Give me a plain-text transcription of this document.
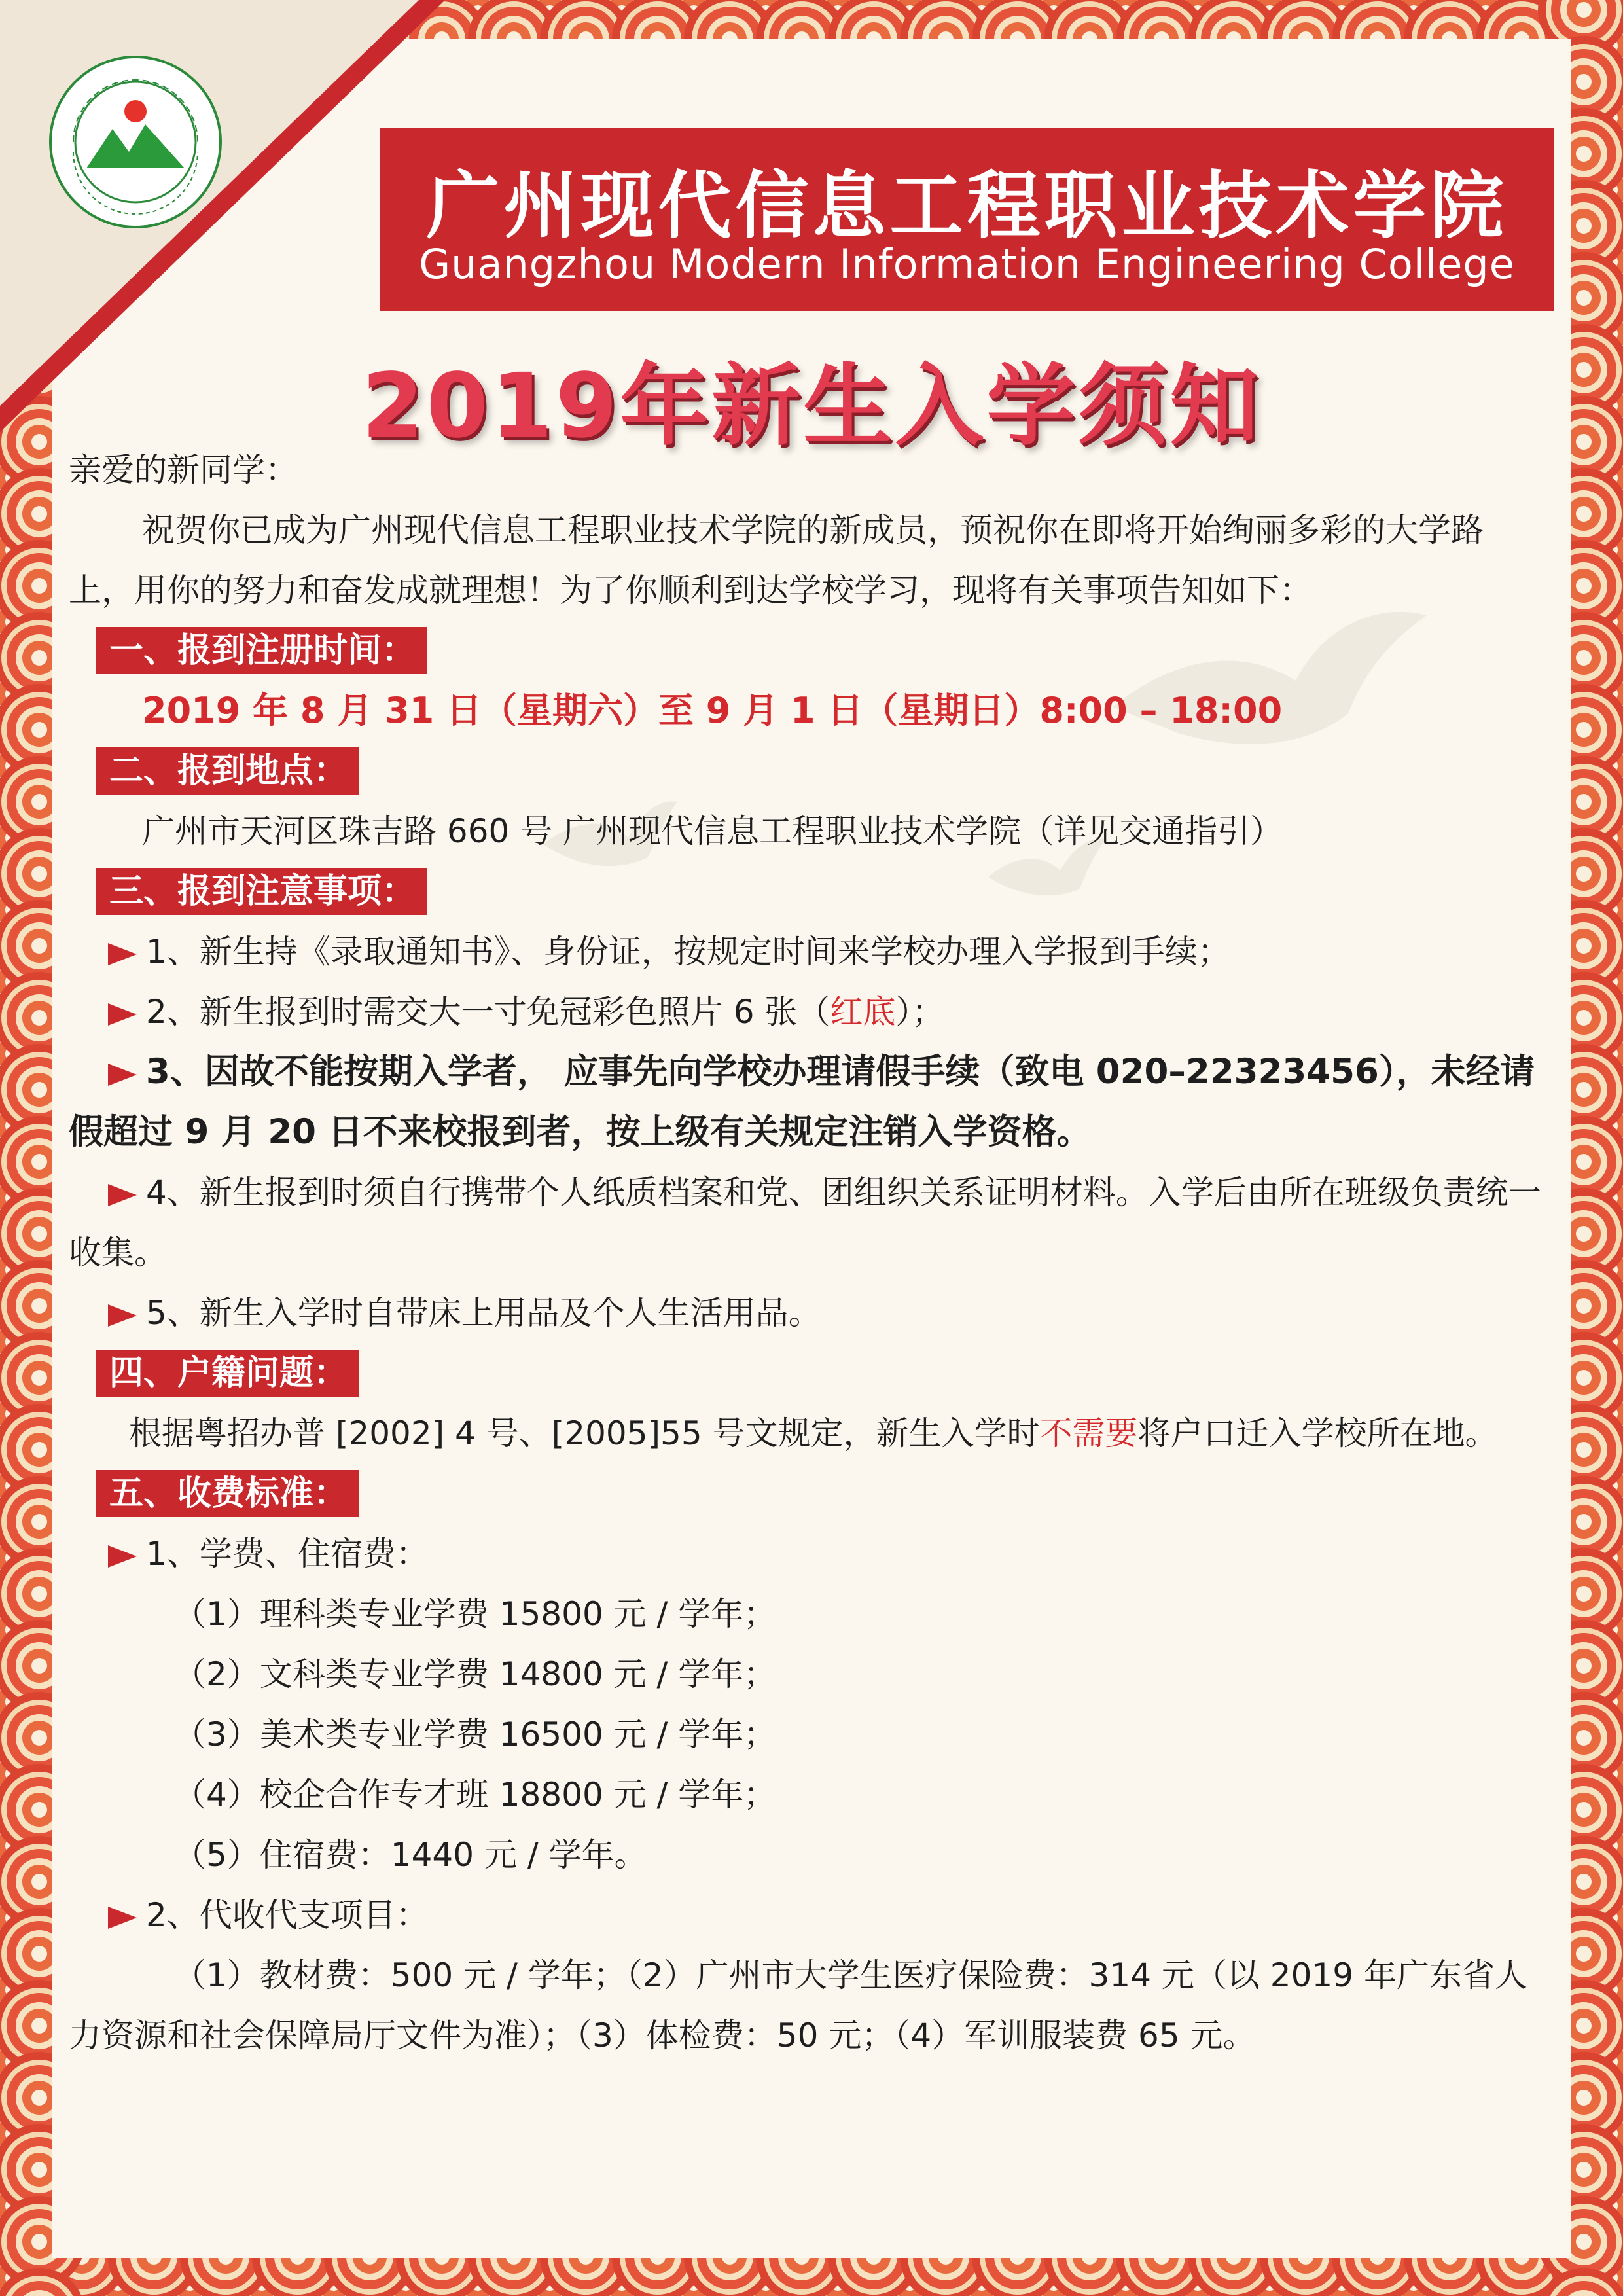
广州现代信息工程职业技术学院
Guangzhou Modern Information Engineering College
2019年新生入学须知

亲爱的新同学：

祝贺你已成为广州现代信息工程职业技术学院的新成员，预祝你在即将开始绚丽多彩的大学路上，用你的努力和奋发成就理想！为了你顺利到达学校学习，现将有关事项告知如下：

一、报到注册时间：

2019 年 8 月 31 日（星期六）至 9 月 1 日（星期日）8:00 – 18:00

二、报到地点：

广州市天河区珠吉路 660 号 广州现代信息工程职业技术学院（详见交通指引）

三、报到注意事项：

1、新生持《录取通知书》、身份证，按规定时间来学校办理入学报到手续；

2、新生报到时需交大一寸免冠彩色照片 6 张（红底）；

3、因故不能按期入学者， 应事先向学校办理请假手续（致电 020–22323456），未经请假超过 9 月 20 日不来校报到者，按上级有关规定注销入学资格。

4、新生报到时须自行携带个人纸质档案和党、团组织关系证明材料。入学后由所在班级负责统一收集。

5、新生入学时自带床上用品及个人生活用品。

四、户籍问题：

根据粤招办普 [2002] 4 号、[2005]55 号文规定，新生入学时不需要将户口迁入学校所在地。

五、收费标准：

1、学费、住宿费：

（1）理科类专业学费 15800 元 / 学年；

（2）文科类专业学费 14800 元 / 学年；

（3）美术类专业学费 16500 元 / 学年；

（4）校企合作专才班 18800 元 / 学年；

（5）住宿费：1440 元 / 学年。

2、代收代支项目：

（1）教材费：500 元 / 学年；（2）广州市大学生医疗保险费：314 元（以 2019 年广东省人力资源和社会保障局厅文件为准）；（3）体检费：50 元；（4）军训服装费 65 元。
